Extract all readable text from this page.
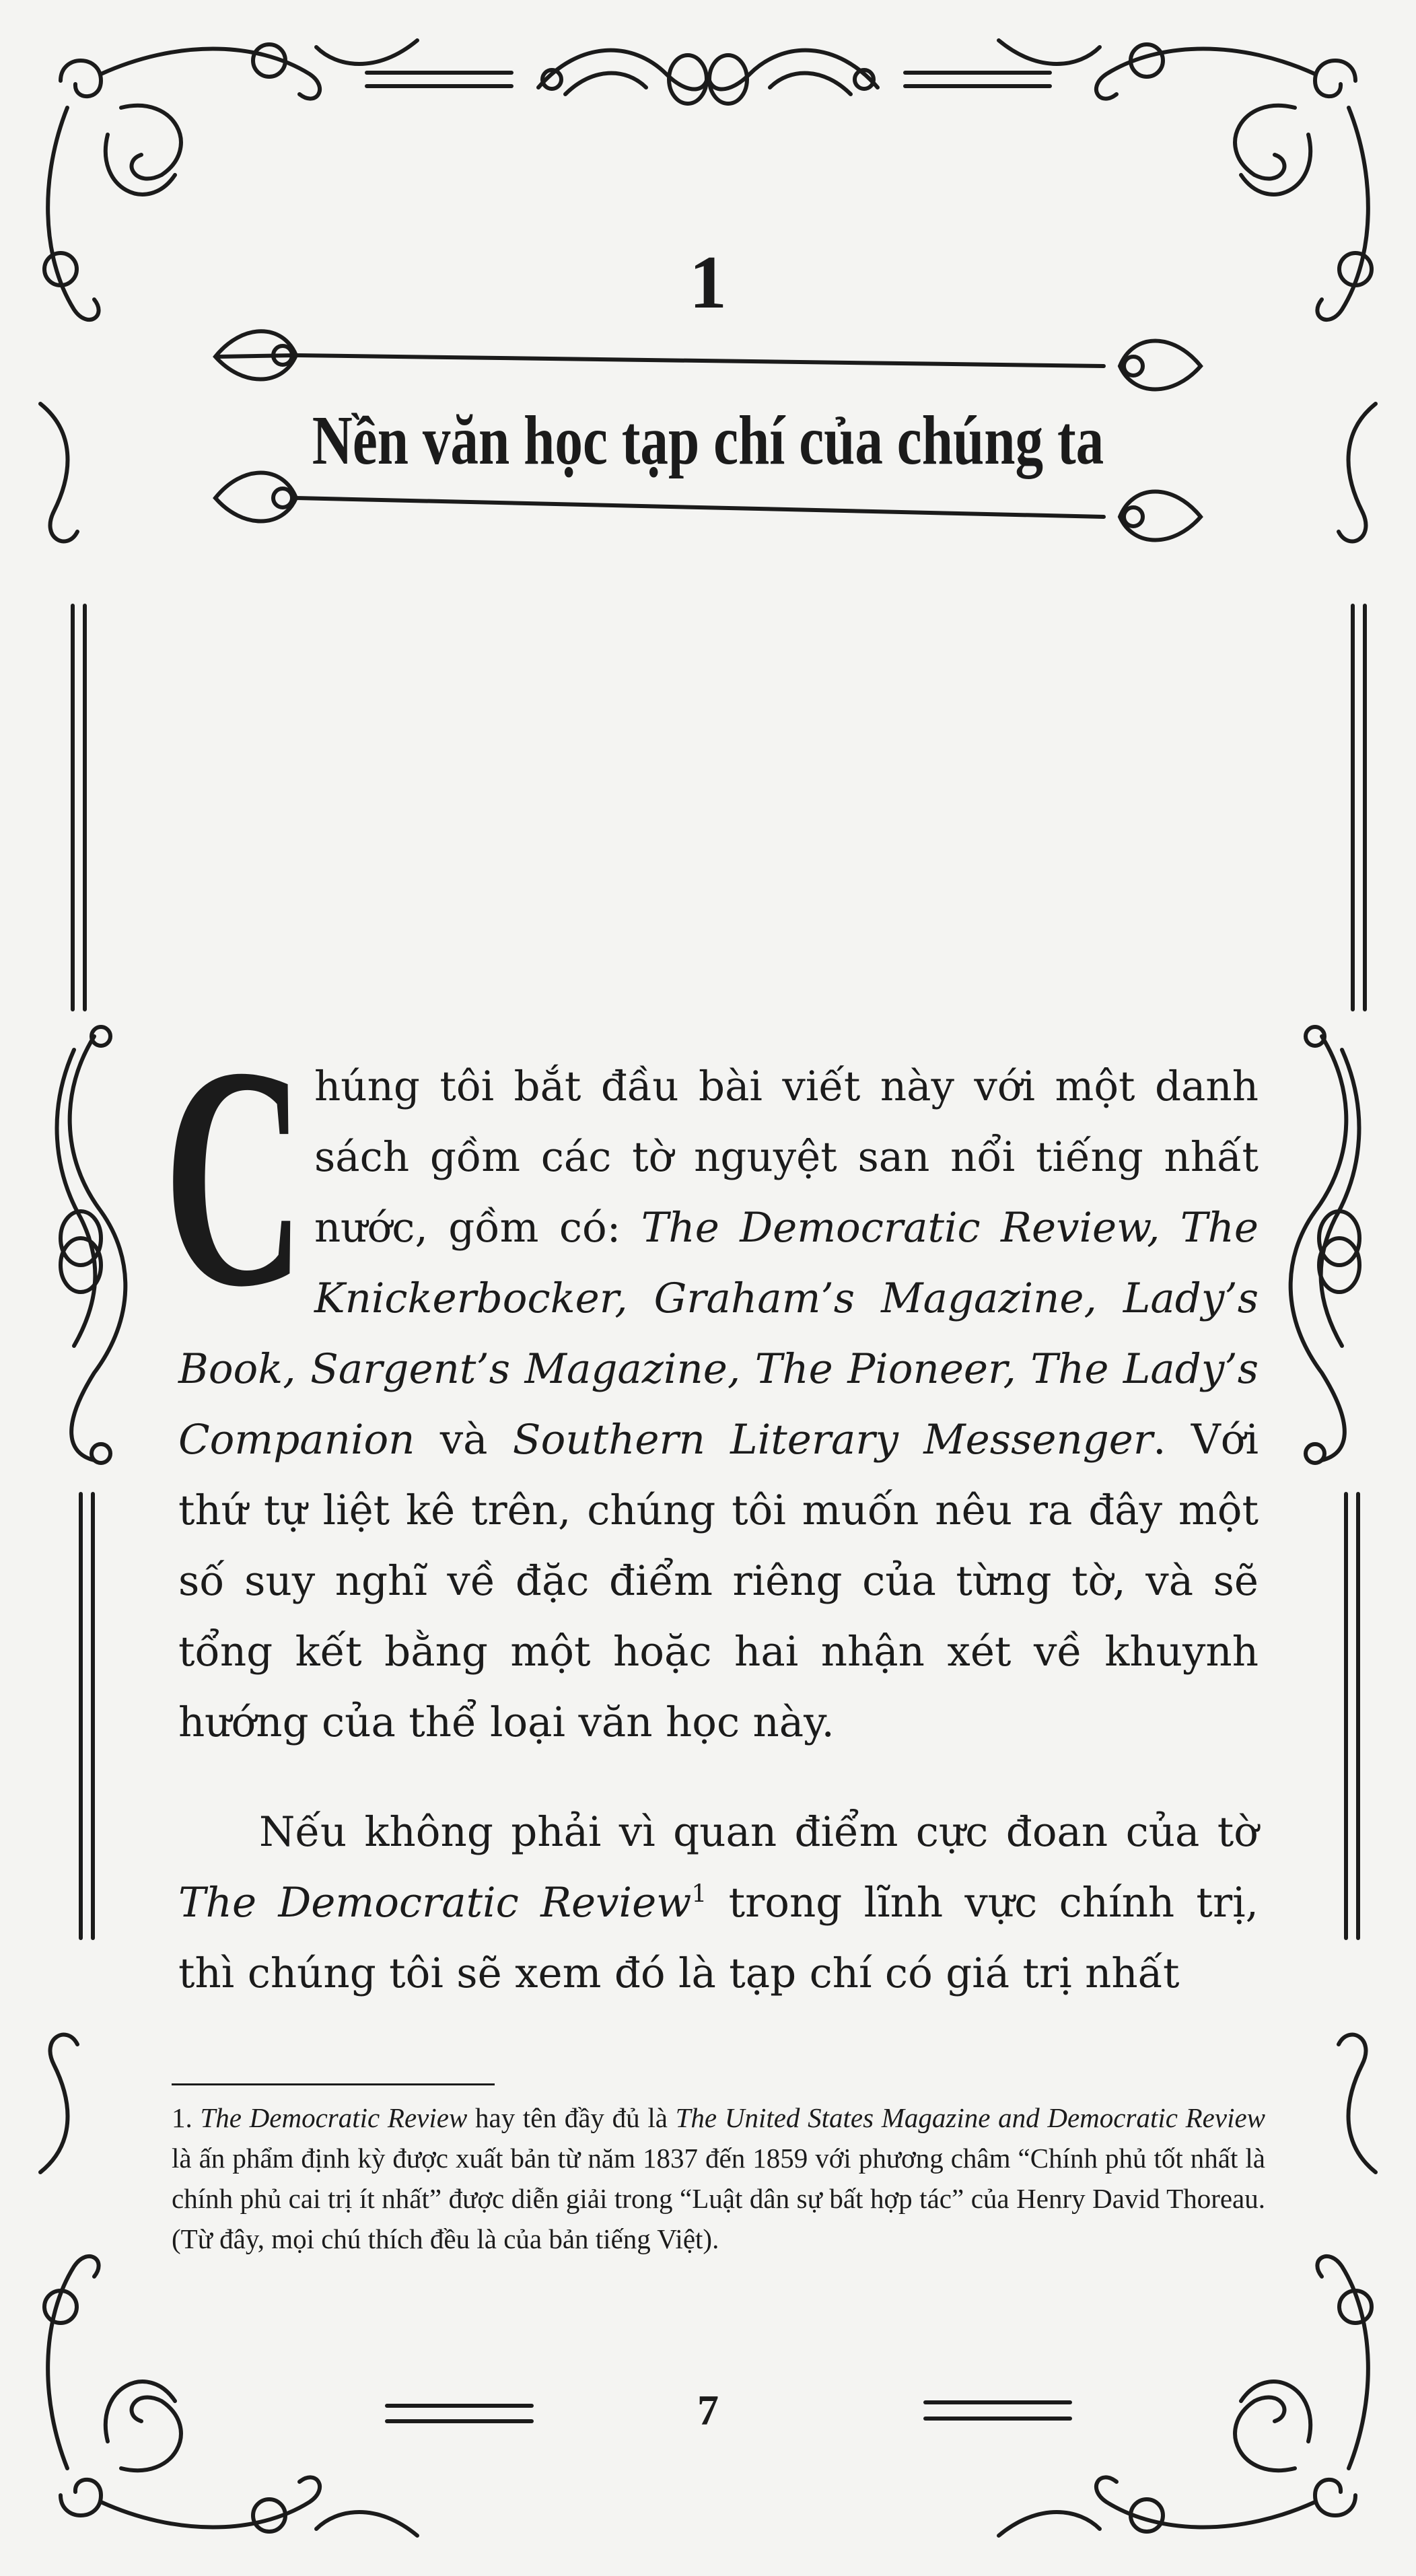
1
Nền văn học tạp chí của chúng ta
Chúng tôi bắt đầu bài viết này với một danh sách gồm các tờ nguyệt san nổi tiếng nhất nước, gồm có: The Democratic Review, The Knickerbocker, Graham’s Magazine, Lady’s Book, Sargent’s Magazine, The Pioneer, The Lady’s Companion và Southern Literary Messenger. Với thứ tự liệt kê trên, chúng tôi muốn nêu ra đây một số suy nghĩ về đặc điểm riêng của từng tờ, và sẽ tổng kết bằng một hoặc hai nhận xét về khuynh hướng của thể loại văn học này.
Nếu không phải vì quan điểm cực đoan của tờ The Democratic Review$^1$ trong lĩnh vực chính trị, thì chúng tôi sẽ xem đó là tạp chí có giá trị nhất
1. The Democratic Review hay tên đầy đủ là The United States Magazine and Democratic Review là ấn phẩm định kỳ được xuất bản từ năm 1837 đến 1859 với phương châm “Chính phủ tốt nhất là chính phủ cai trị ít nhất” được diễn giải trong “Luật dân sự bất hợp tác” của Henry David Thoreau. (Từ đây, mọi chú thích đều là của bản tiếng Việt).
7
